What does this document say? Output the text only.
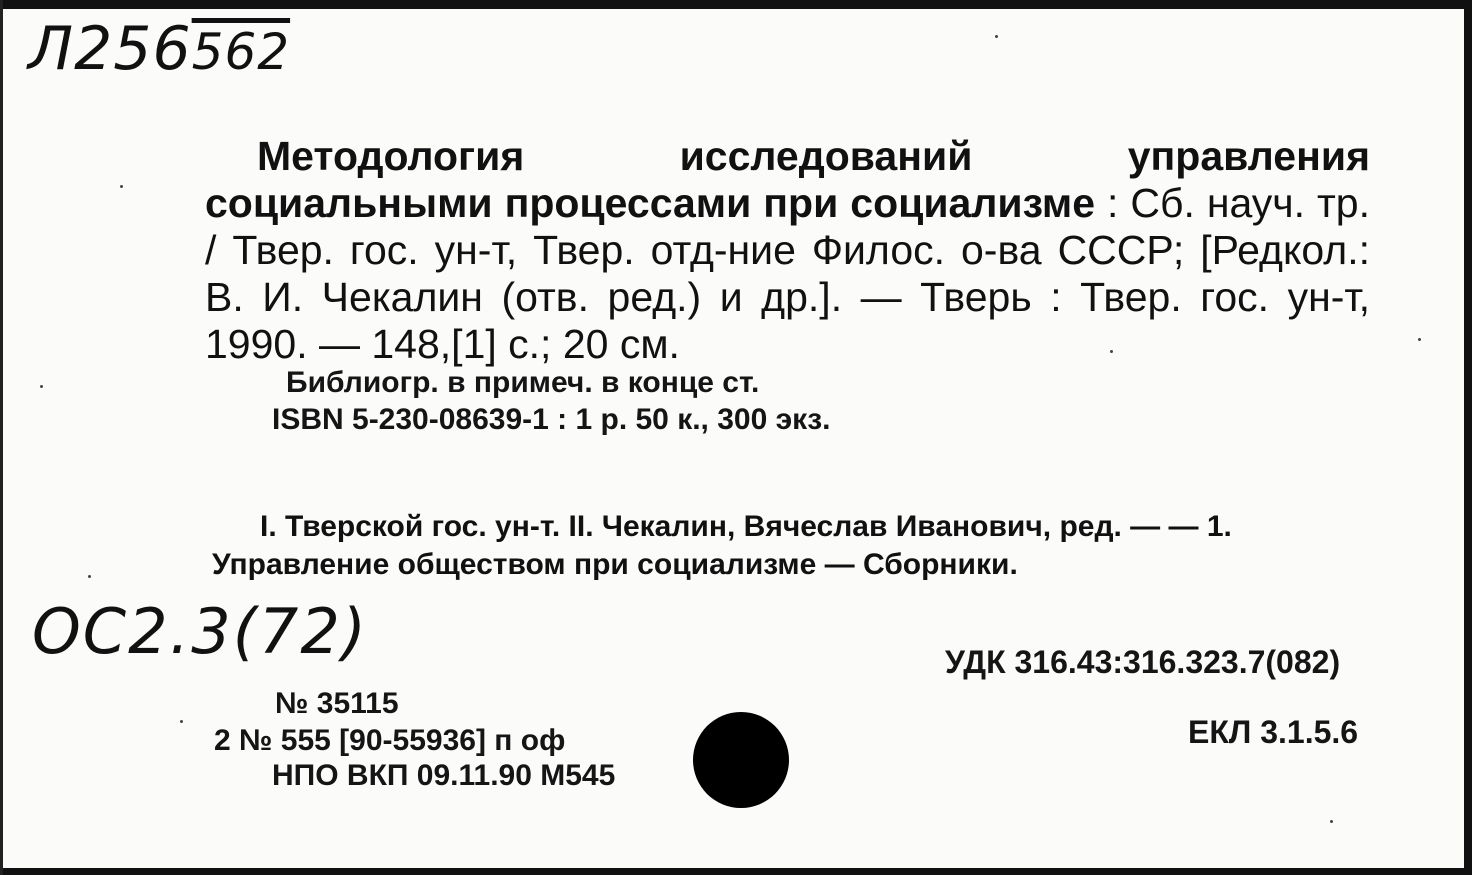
Л256562
Методология исследований управления социальными процессами при социализме : Сб. науч. тр. / Твер. гос. ун-т, Твер. отд-ние Филос. о-ва СССР; [Редкол.: В. И. Чекалин (отв. ред.) и др.]. — Тверь : Твер. гос. ун-т, 1990. — 148,[1] с.; 20 см.
Библиогр. в примеч. в конце ст.
ISBN 5-230-08639-1 : 1 р. 50 к., 300 экз.
I. Тверской гос. ун-т. II. Чекалин, Вячеслав Иванович, ред. — — 1.
Управление обществом при социализме — Сборники.
ОС2.3(72)	УДК 316.43:316.323.7(082)
ЕКЛ 3.1.5.6
№ 35115
2 № 555 [90-55936] п оф
НПО ВКП 09.11.90 М545
